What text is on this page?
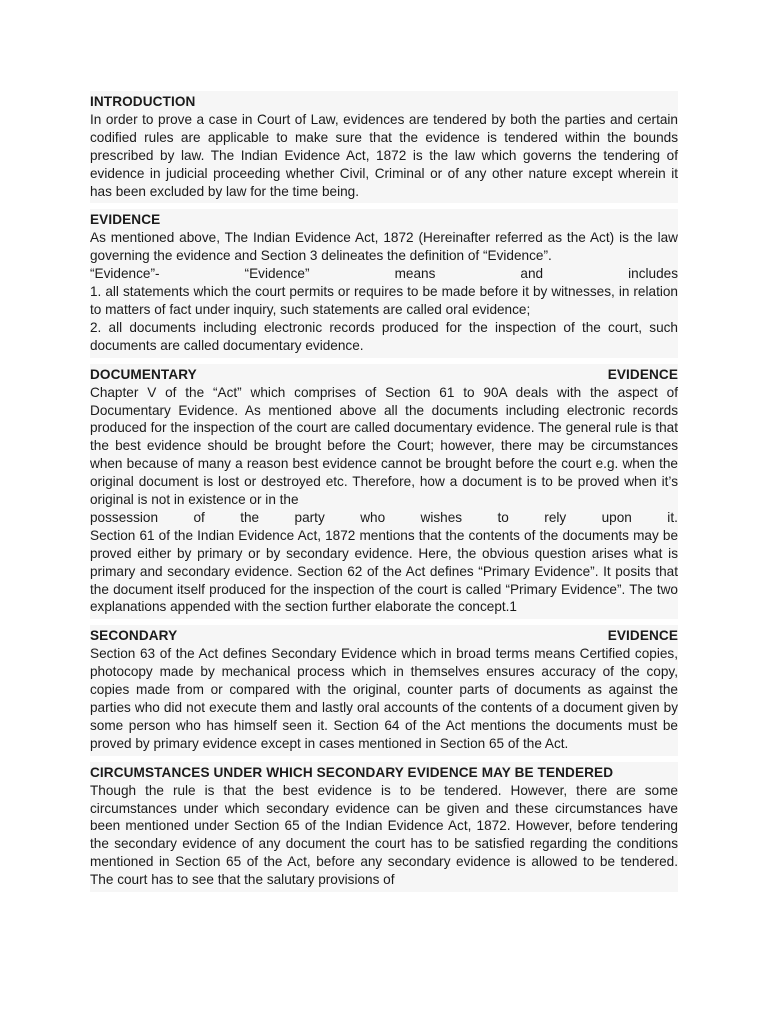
INTRODUCTION

In order to prove a case in Court of Law, evidences are tendered by both the parties and certain codified rules are applicable to make sure that the evidence is tendered within the bounds prescribed by law. The Indian Evidence Act, 1872 is the law which governs the tendering of evidence in judicial proceeding whether Civil, Criminal or of any other nature except wherein it has been excluded by law for the time being.

EVIDENCE

As mentioned above, The Indian Evidence Act, 1872 (Hereinafter referred as the Act) is the law governing the evidence and Section 3 delineates the definition of “Evidence”.

“Evidence”-	“Evidence”	means	and	includes

1. all statements which the court permits or requires to be made before it by witnesses, in relation to matters of fact under inquiry, such statements are called oral evidence;

2. all documents including electronic records produced for the inspection of the court, such documents are called documentary evidence.

DOCUMENTARY	EVIDENCE

Chapter V of the “Act” which comprises of Section 61 to 90A deals with the aspect of Documentary Evidence. As mentioned above all the documents including electronic records produced for the inspection of the court are called documentary evidence. The general rule is that the best evidence should be brought before the Court; however, there may be circumstances when because of many a reason best evidence cannot be brought before the court e.g. when the original document is lost or destroyed etc. Therefore, how a document is to be proved when it’s original is not in existence or in the

possession	of	the	party	who	wishes	to	rely	upon	it.

Section 61 of the Indian Evidence Act, 1872 mentions that the contents of the documents may be proved either by primary or by secondary evidence. Here, the obvious question arises what is primary and secondary evidence. Section 62 of the Act defines “Primary Evidence”. It posits that the document itself produced for the inspection of the court is called “Primary Evidence”. The two explanations appended with the section further elaborate the concept.1

SECONDARY	EVIDENCE

Section 63 of the Act defines Secondary Evidence which in broad terms means Certified copies, photocopy made by mechanical process which in themselves ensures accuracy of the copy, copies made from or compared with the original, counter parts of documents as against the parties who did not execute them and lastly oral accounts of the contents of a document given by some person who has himself seen it. Section 64 of the Act mentions the documents must be proved by primary evidence except in cases mentioned in Section 65 of the Act.

CIRCUMSTANCES UNDER WHICH SECONDARY EVIDENCE MAY BE TENDERED

Though the rule is that the best evidence is to be tendered. However, there are some circumstances under which secondary evidence can be given and these circumstances have been mentioned under Section 65 of the Indian Evidence Act, 1872. However, before tendering the secondary evidence of any document the court has to be satisfied regarding the conditions mentioned in Section 65 of the Act, before any secondary evidence is allowed to be tendered. The court has to see that the salutary provisions of
